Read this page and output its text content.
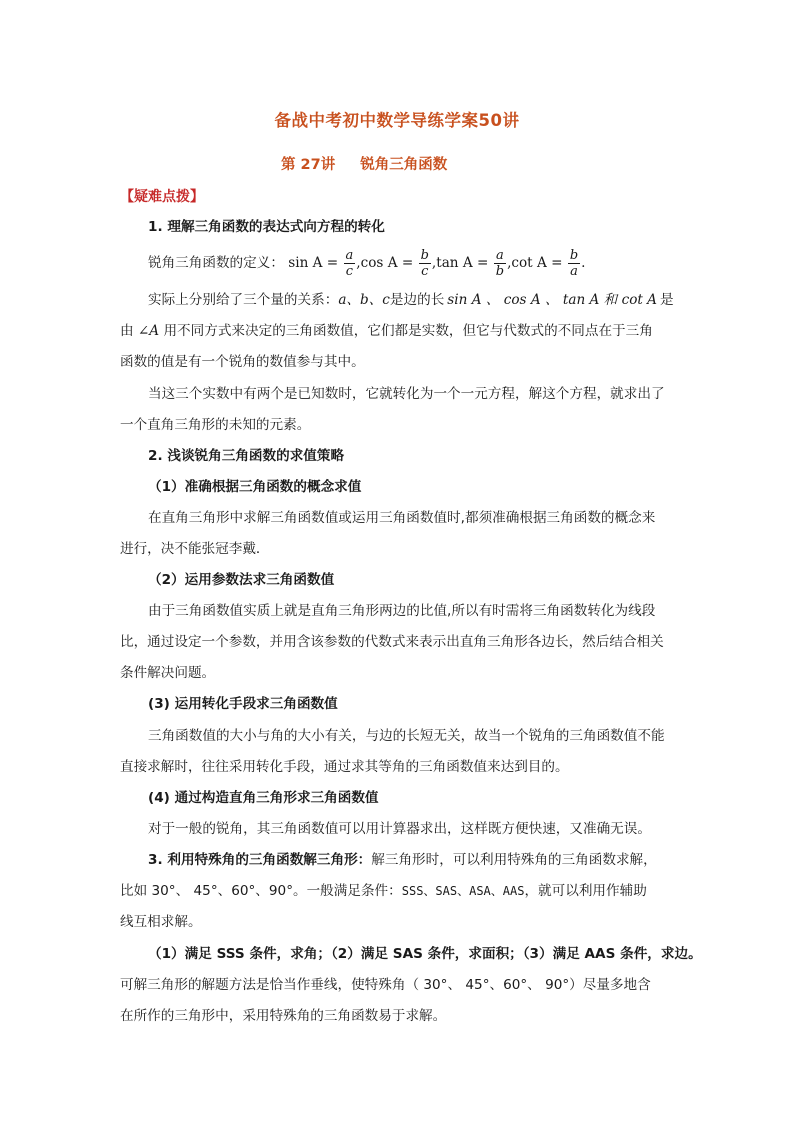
备战中考初中数学导练学案50讲
第 27讲 锐角三角函数
【疑难点拨】
1. 理解三角函数的表达式向方程的转化
锐角三角函数的定义： $\sin A = \frac{a}{c} ,\cos$ $A = \frac{b}{c} ,\tan$ $A = \frac{a}{b} ,\cot$ $A = \frac{b}{a}$ .
实际上分别给了三个量的关系：a、b、c是边的长 sin A 、 cos A 、 tan A 和 cot A 是
由 ∠A 用不同方式来决定的三角函数值，它们都是实数，但它与代数式的不同点在于三角
函数的值是有一个锐角的数值参与其中。
当这三个实数中有两个是已知数时，它就转化为一个一元方程，解这个方程，就求出了
一个直角三角形的未知的元素。
2. 浅谈锐角三角函数的求值策略
（1）准确根据三角函数的概念求值
在直角三角形中求解三角函数值或运用三角函数值时,都须准确根据三角函数的概念来
进行，决不能张冠李戴．
（2）运用参数法求三角函数值
由于三角函数值实质上就是直角三角形两边的比值,所以有时需将三角函数转化为线段
比，通过设定一个参数，并用含该参数的代数式来表示出直角三角形各边长，然后结合相关
条件解决问题。
(3) 运用转化手段求三角函数值
三角函数值的大小与角的大小有关，与边的长短无关，故当一个锐角的三角函数值不能
直接求解时，往往采用转化手段，通过求其等角的三角函数值来达到目的。
(4) 通过构造直角三角形求三角函数值
对于一般的锐角，其三角函数值可以用计算器求出，这样既方便快速，又准确无误。
3. 利用特殊角的三角函数解三角形：解三角形时，可以利用特殊角的三角函数求解，
比如 30°、 45°、60°、90°。一般满足条件：SSS、SAS、ASA、AAS，就可以利用作辅助
线互相求解。
（1）满足 SSS 条件，求角；（2）满足 SAS 条件，求面积；（3）满足 AAS 条件，求边。
可解三角形的解题方法是恰当作垂线，使特殊角（ 30°、 45°、60°、 90°）尽量多地含
在所作的三角形中，采用特殊角的三角函数易于求解。
